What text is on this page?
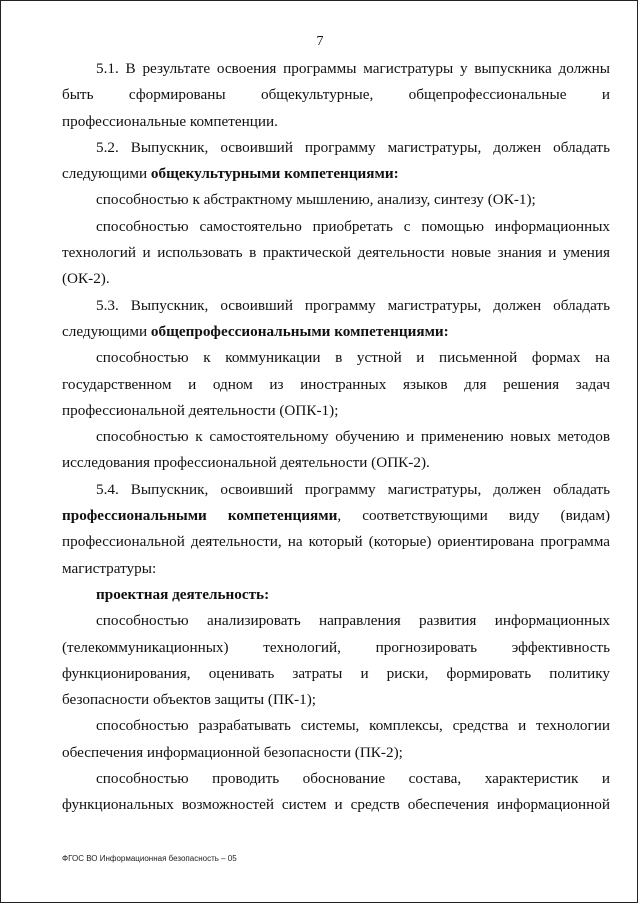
7

5.1. В результате освоения программы магистратуры у выпускника должны быть сформированы общекультурные, общепрофессиональные и профессиональные компетенции.

5.2. Выпускник, освоивший программу магистратуры, должен обладать следующими общекультурными компетенциями:

способностью к абстрактному мышлению, анализу, синтезу (ОК-1);

способностью самостоятельно приобретать с помощью информационных технологий и использовать в практической деятельности новые знания и умения (ОК-2).

5.3. Выпускник, освоивший программу магистратуры, должен обладать следующими общепрофессиональными компетенциями:

способностью к коммуникации в устной и письменной формах на государственном и одном из иностранных языков для решения задач профессиональной деятельности (ОПК-1);

способностью к самостоятельному обучению и применению новых методов исследования профессиональной деятельности (ОПК-2).

5.4. Выпускник, освоивший программу магистратуры, должен обладать профессиональными компетенциями, соответствующими виду (видам) профессиональной деятельности, на который (которые) ориентирована программа магистратуры:

проектная деятельность:

способностью анализировать направления развития информационных (телекоммуникационных) технологий, прогнозировать эффективность функционирования, оценивать затраты и риски, формировать политику безопасности объектов защиты (ПК-1);

способностью разрабатывать системы, комплексы, средства и технологии обеспечения информационной безопасности (ПК-2);

способностью проводить обоснование состава, характеристик и функциональных возможностей систем и средств обеспечения информационной

ФГОС ВО Информационная безопасность – 05
